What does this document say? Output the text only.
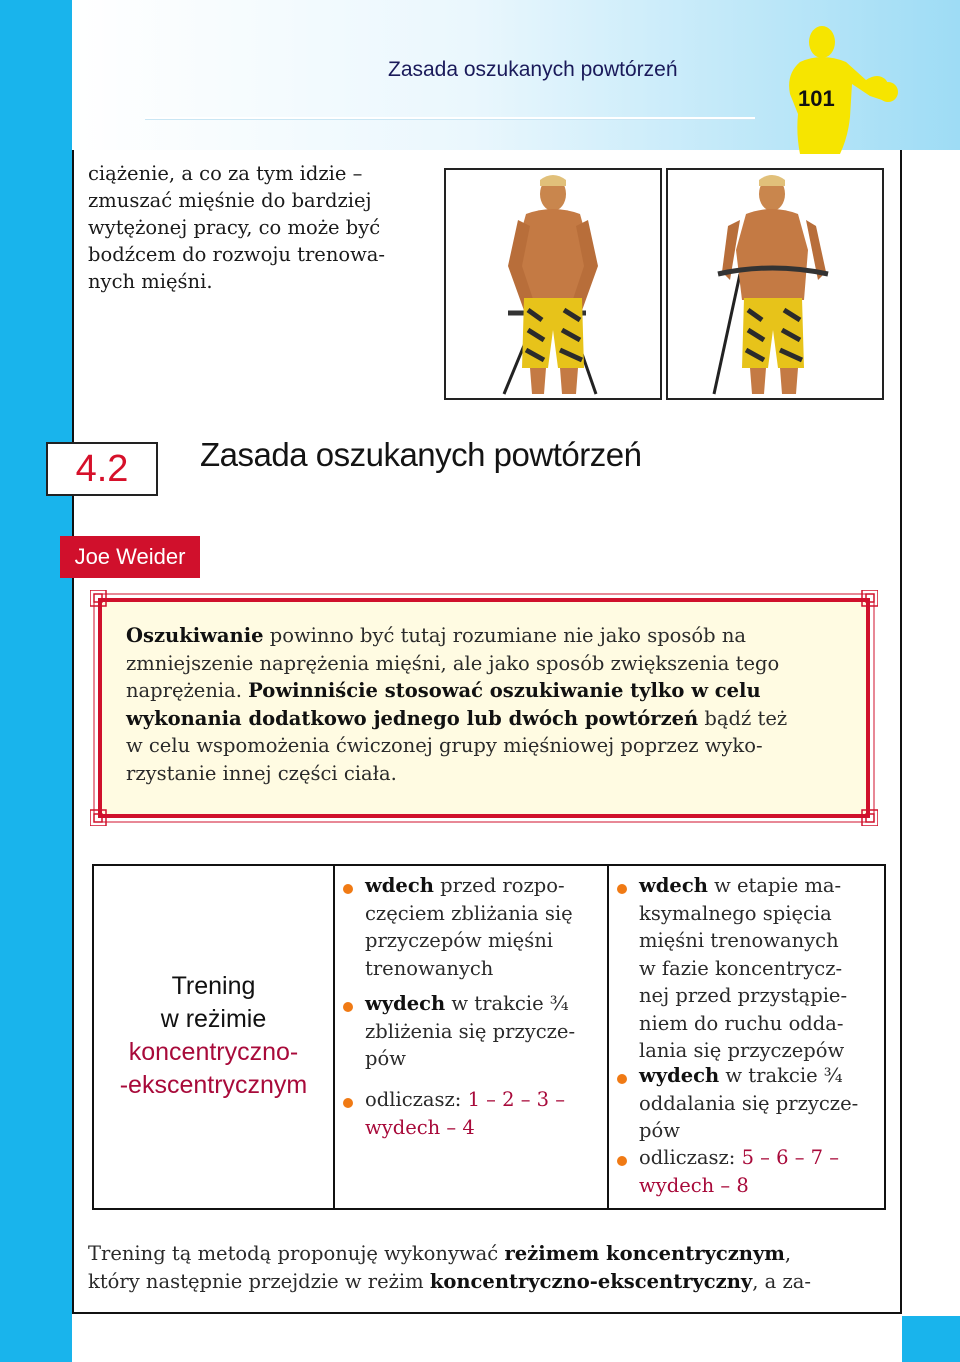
Zasada oszukanych powtórzeń
101
ciążenie, a co za tym idzie –
zmuszać mięśnie do bardziej
wytężonej pracy, co może być
bodźcem do rozwoju trenowa-
nych mięśni.
4.2	Zasada oszukanych powtórzeń
Joe Weider
Oszukiwanie powinno być tutaj rozumiane nie jako sposób na
zmniejszenie naprężenia mięśni, ale jako sposób zwiększenia tego
naprężenia. Powinniście stosować oszukiwanie tylko w celu
wykonania dodatkowo jednego lub dwóch powtórzeń bądź też
w celu wspomożenia ćwiczonej grupy mięśniowej poprzez wyko-
rzystanie innej części ciała.
Trening
w reżimie
koncentryczno-
-ekscentrycznym
wdech przed rozpo-
częciem zbliżania się
przyczepów mięśni
trenowanych
wydech w trakcie ¾
zbliżenia się przycze-
pów
odliczasz: 1 – 2 – 3 –
wydech – 4
wdech w etapie ma-
ksymalnego spięcia
mięśni trenowanych
w fazie koncentrycz-
nej przed przystąpie-
niem do ruchu odda-
lania się przyczepów
wydech w trakcie ¾
oddalania się przycze-
pów
odliczasz: 5 – 6 – 7 –
wydech – 8
Trening tą metodą proponuję wykonywać reżimem koncentrycznym,
który następnie przejdzie w reżim koncentryczno-ekscentryczny, a za-
